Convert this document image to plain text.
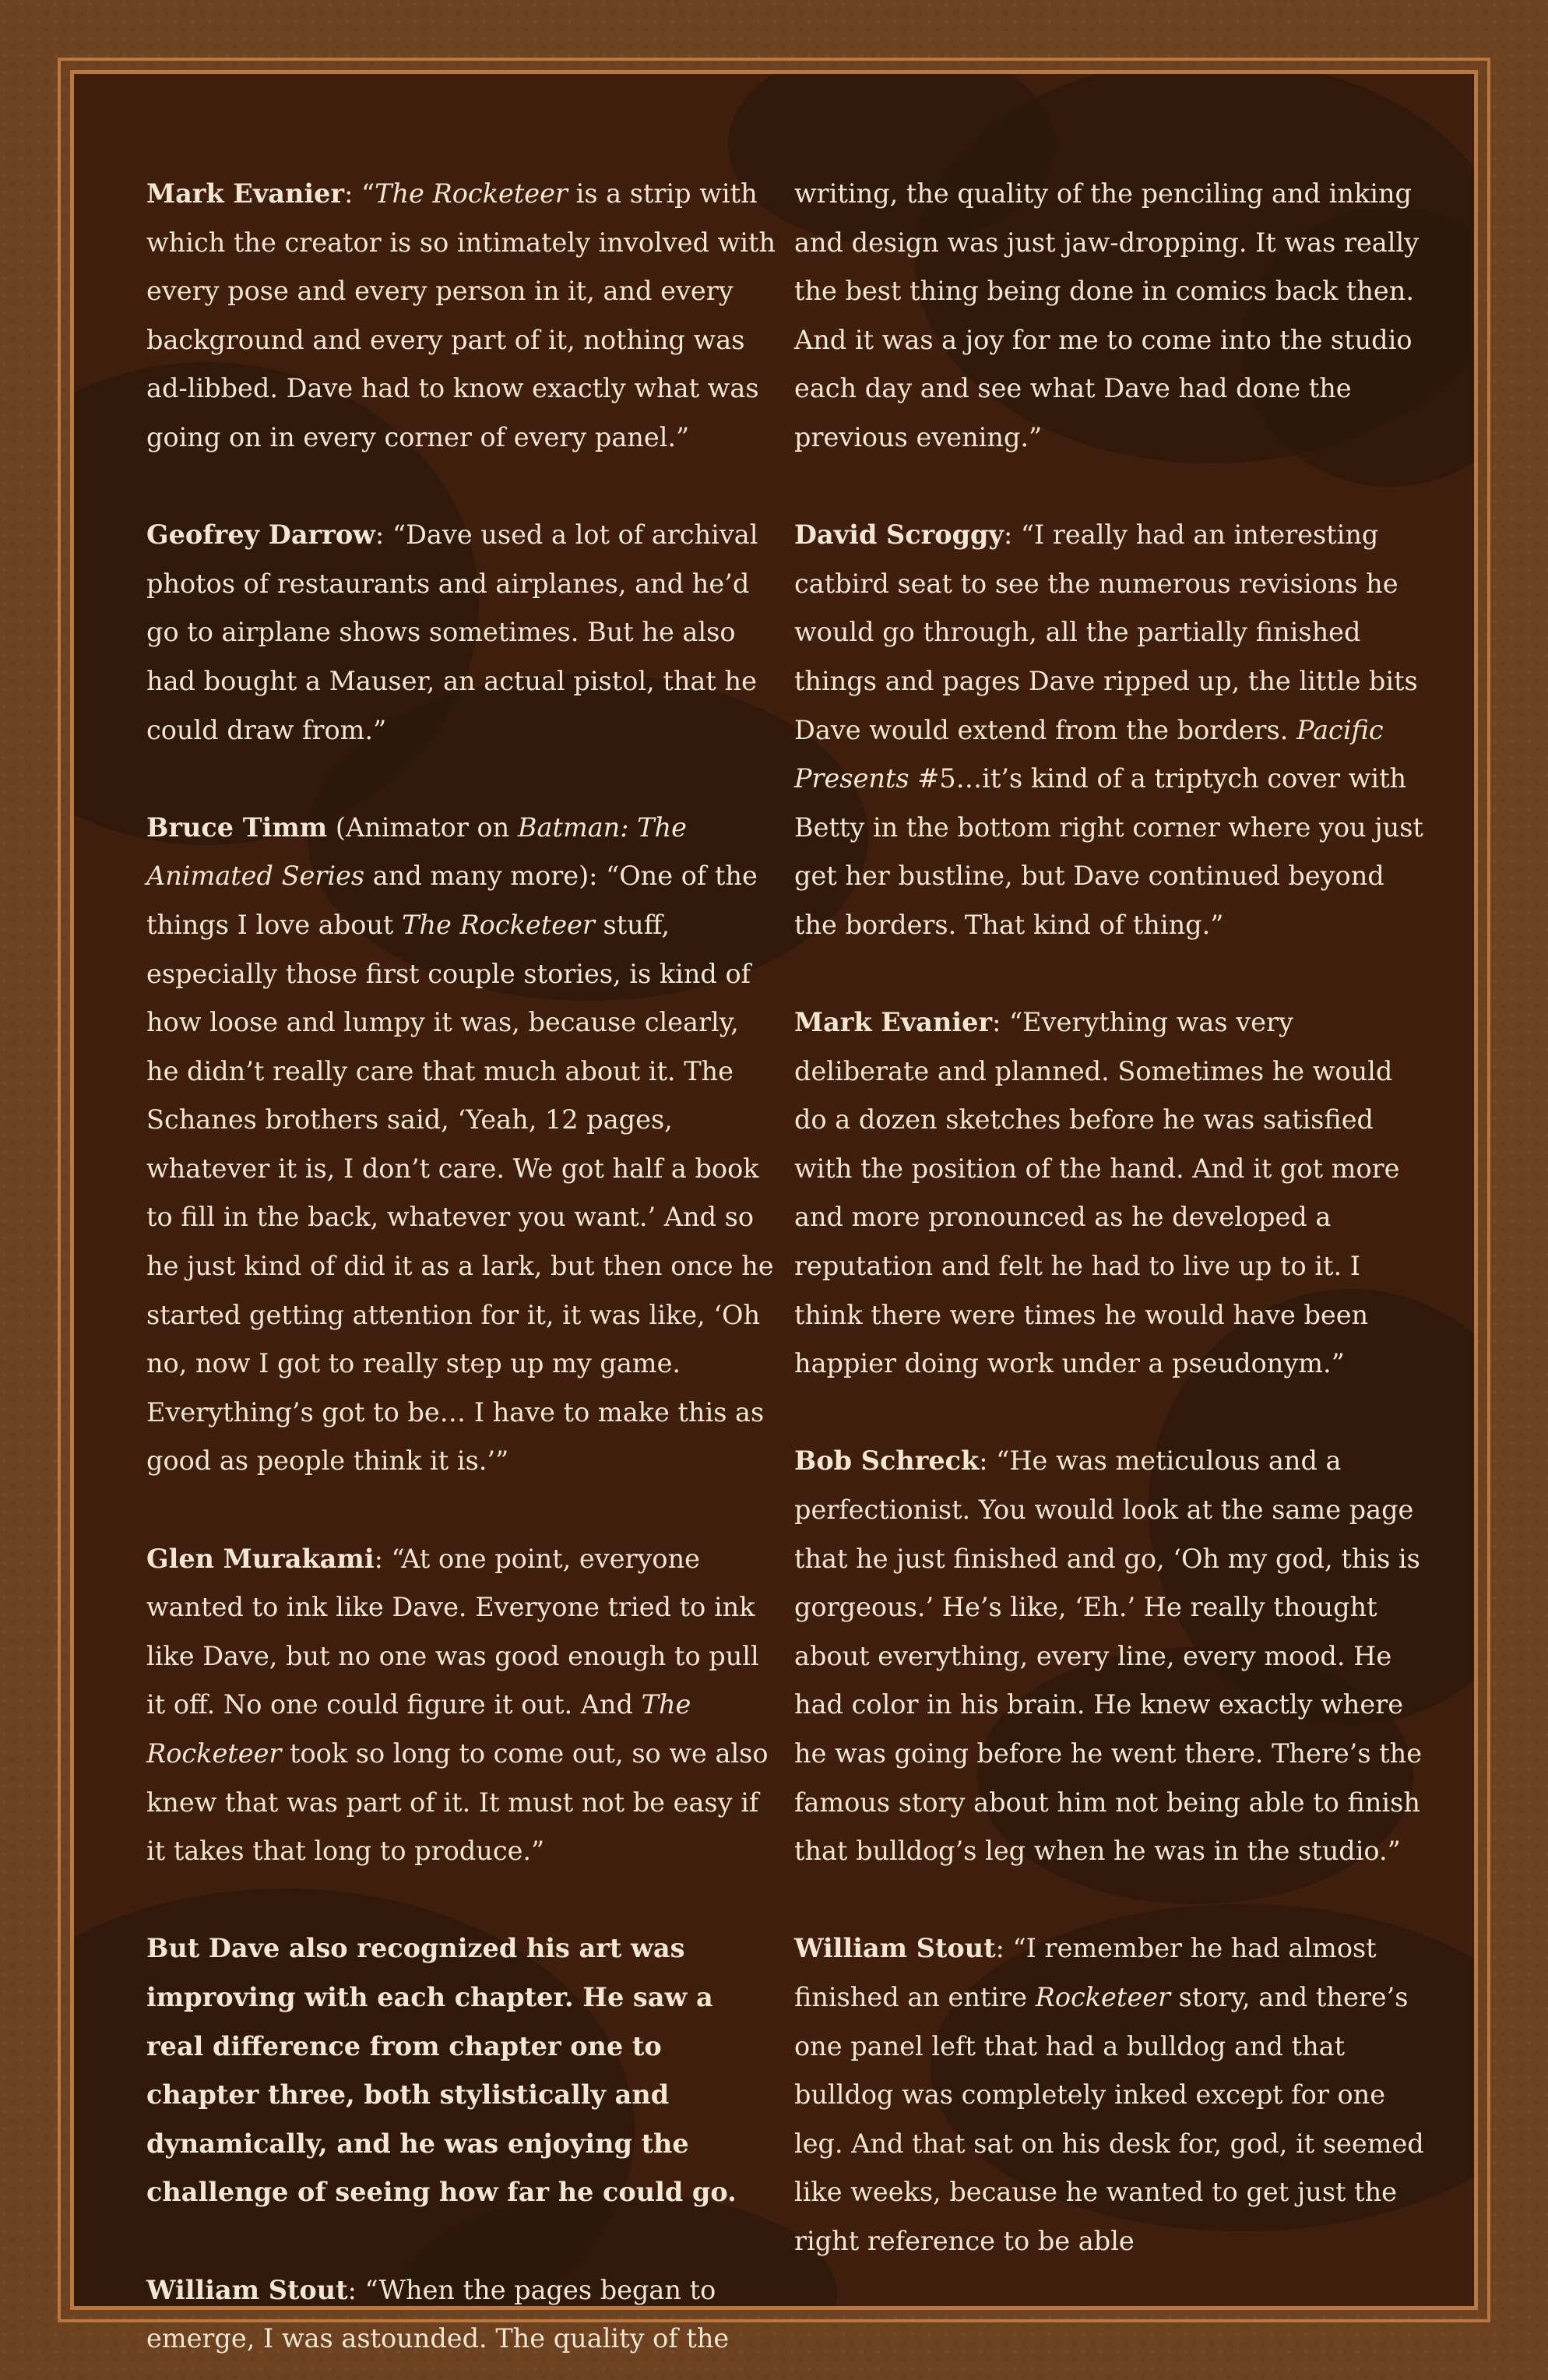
Mark Evanier: “The Rocketeer is a strip with which the creator is so intimately involved with every pose and every person in it, and every background and every part of it, nothing was ad-libbed. Dave had to know exactly what was going on in every corner of every panel.”

Geofrey Darrow: “Dave used a lot of archival photos of restaurants and airplanes, and he’d go to airplane shows sometimes. But he also had bought a Mauser, an actual pistol, that he could draw from.”

Bruce Timm (Animator on Batman: The Animated Series and many more): “One of the things I love about The Rocketeer stuff, especially those first couple stories, is kind of how loose and lumpy it was, because clearly, he didn’t really care that much about it. The Schanes brothers said, ‘Yeah, 12 pages, whatever it is, I don’t care. We got half a book to fill in the back, whatever you want.’ And so he just kind of did it as a lark, but then once he started getting attention for it, it was like, ‘Oh no, now I got to really step up my game. Everything’s got to be… I have to make this as good as people think it is.’”

Glen Murakami: “At one point, everyone wanted to ink like Dave. Everyone tried to ink like Dave, but no one was good enough to pull it off. No one could figure it out. And The Rocketeer took so long to come out, so we also knew that was part of it. It must not be easy if it takes that long to produce.”

But Dave also recognized his art was improving with each chapter. He saw a real difference from chapter one to chapter three, both stylistically and dynamically, and he was enjoying the challenge of seeing how far he could go.

William Stout: “When the pages began to emerge, I was astounded. The quality of the

writing, the quality of the penciling and inking and design was just jaw-dropping. It was really the best thing being done in comics back then. And it was a joy for me to come into the studio each day and see what Dave had done the previous evening.”

David Scroggy: “I really had an interesting catbird seat to see the numerous revisions he would go through, all the partially finished things and pages Dave ripped up, the little bits Dave would extend from the borders. Pacific Presents #5…it’s kind of a triptych cover with Betty in the bottom right corner where you just get her bustline, but Dave continued beyond the borders. That kind of thing.”

Mark Evanier: “Everything was very deliberate and planned. Sometimes he would do a dozen sketches before he was satisfied with the position of the hand. And it got more and more pronounced as he developed a reputation and felt he had to live up to it. I think there were times he would have been happier doing work under a pseudonym.”

Bob Schreck: “He was meticulous and a perfectionist. You would look at the same page that he just finished and go, ‘Oh my god, this is gorgeous.’ He’s like, ‘Eh.’ He really thought about everything, every line, every mood. He had color in his brain. He knew exactly where he was going before he went there. There’s the famous story about him not being able to finish that bulldog’s leg when he was in the studio.”

William Stout: “I remember he had almost finished an entire Rocketeer story, and there’s one panel left that had a bulldog and that bulldog was completely inked except for one leg. And that sat on his desk for, god, it seemed like weeks, because he wanted to get just the right reference to be able
